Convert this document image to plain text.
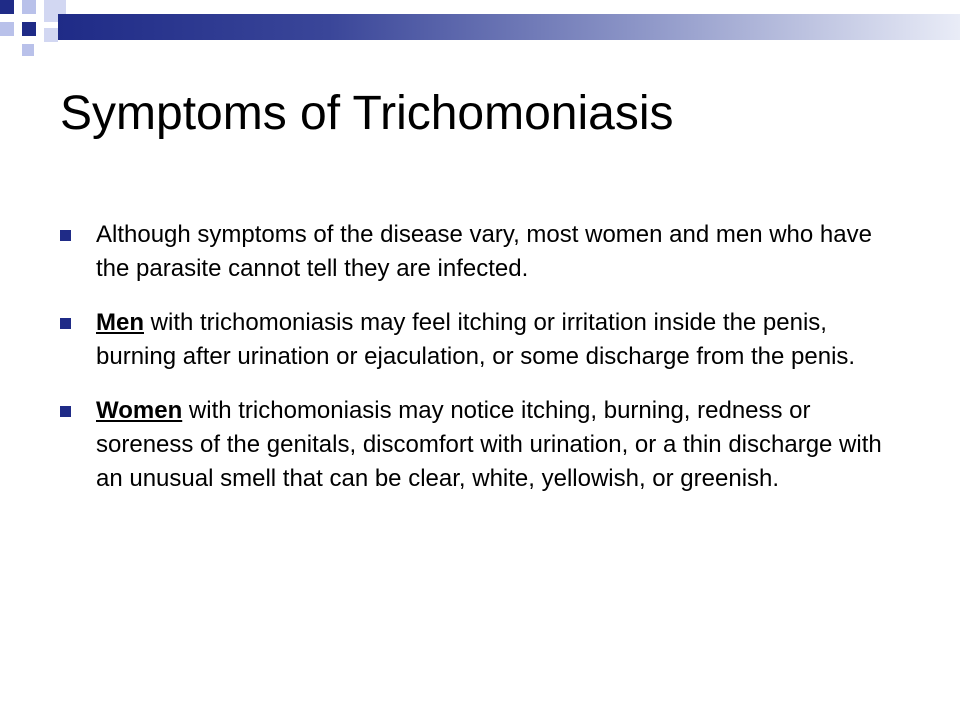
Symptoms of Trichomoniasis
Although symptoms of the disease vary, most women and men who have the parasite cannot tell they are infected.
Men with trichomoniasis may feel itching or irritation inside the penis, burning after urination or ejaculation, or some discharge from the penis.
Women with trichomoniasis may notice itching, burning, redness or soreness of the genitals, discomfort with urination, or a thin discharge with an unusual smell that can be clear, white, yellowish, or greenish.
